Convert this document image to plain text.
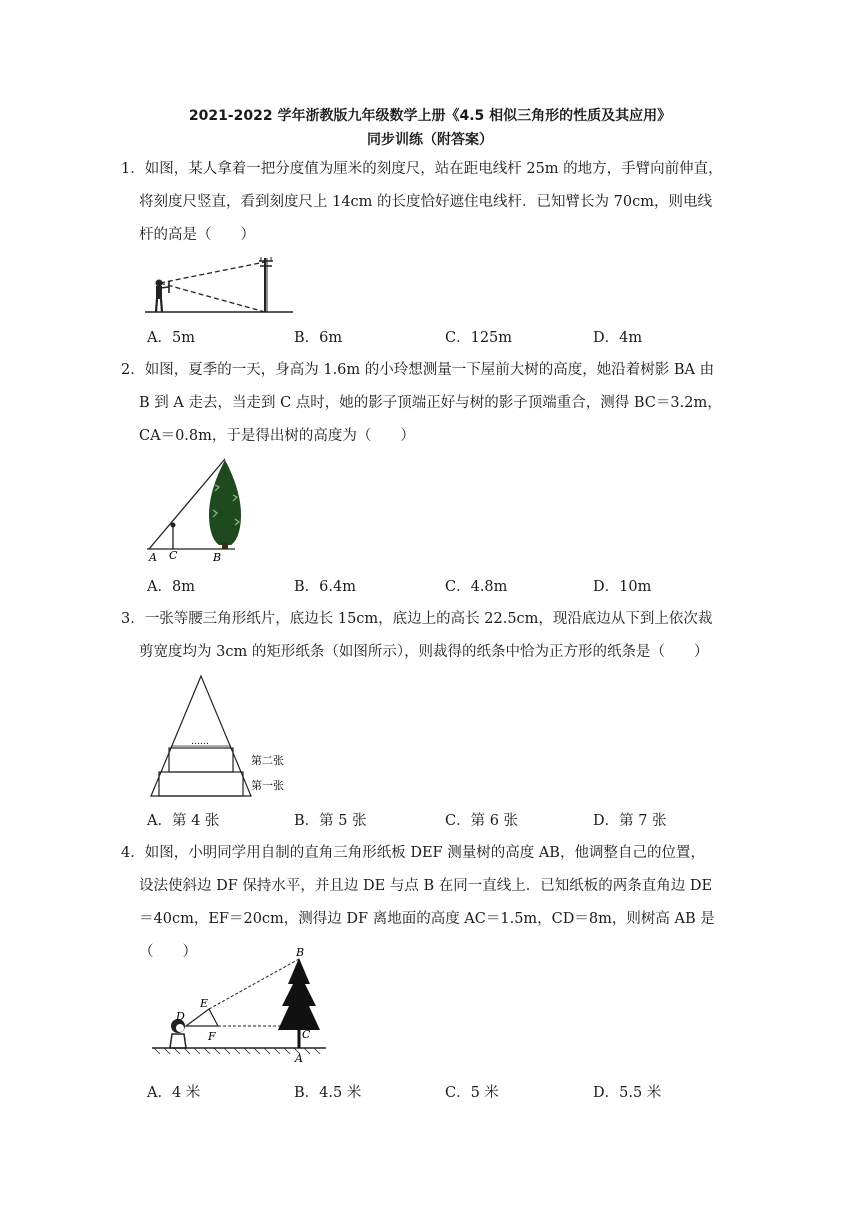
2021-2022 学年浙教版九年级数学上册《4.5 相似三角形的性质及其应用》
同步训练（附答案）

1．如图，某人拿着一把分度值为厘米的刻度尺，站在距电线杆 25m 的地方，手臂向前伸直，

将刻度尺竖直，看到刻度尺上 14cm 的长度恰好遮住电线杆．已知臂长为 70cm，则电线

杆的高是（　　）

A．5m	B．6m	C．125m	D．4m

2．如图，夏季的一天，身高为 1.6m 的小玲想测量一下屋前大树的高度，她沿着树影 BA 由

B 到 A 走去，当走到 C 点时，她的影子顶端正好与树的影子顶端重合，测得 BC＝3.2m，

CA＝0.8m，于是得出树的高度为（　　）

A C	B
A．8m	B．6.4m	C．4.8m	D．10m

3．一张等腰三角形纸片，底边长 15cm，底边上的高长 22.5cm，现沿底边从下到上依次裁

剪宽度均为 3cm 的矩形纸条（如图所示），则裁得的纸条中恰为正方形的纸条是（　　）

……
第二张
第一张
A．第 4 张	B．第 5 张	C．第 6 张	D．第 7 张

4．如图，小明同学用自制的直角三角形纸板 DEF 测量树的高度 AB，他调整自己的位置，

设法使斜边 DF 保持水平，并且边 DE 与点 B 在同一直线上．已知纸板的两条直角边 DE

＝40cm，EF＝20cm，测得边 DF 离地面的高度 AC＝1.5m，CD＝8m，则树高 AB 是（　　）	B
E
D
F	C
A
A．4 米	B．4.5 米	C．5 米	D．5.5 米
